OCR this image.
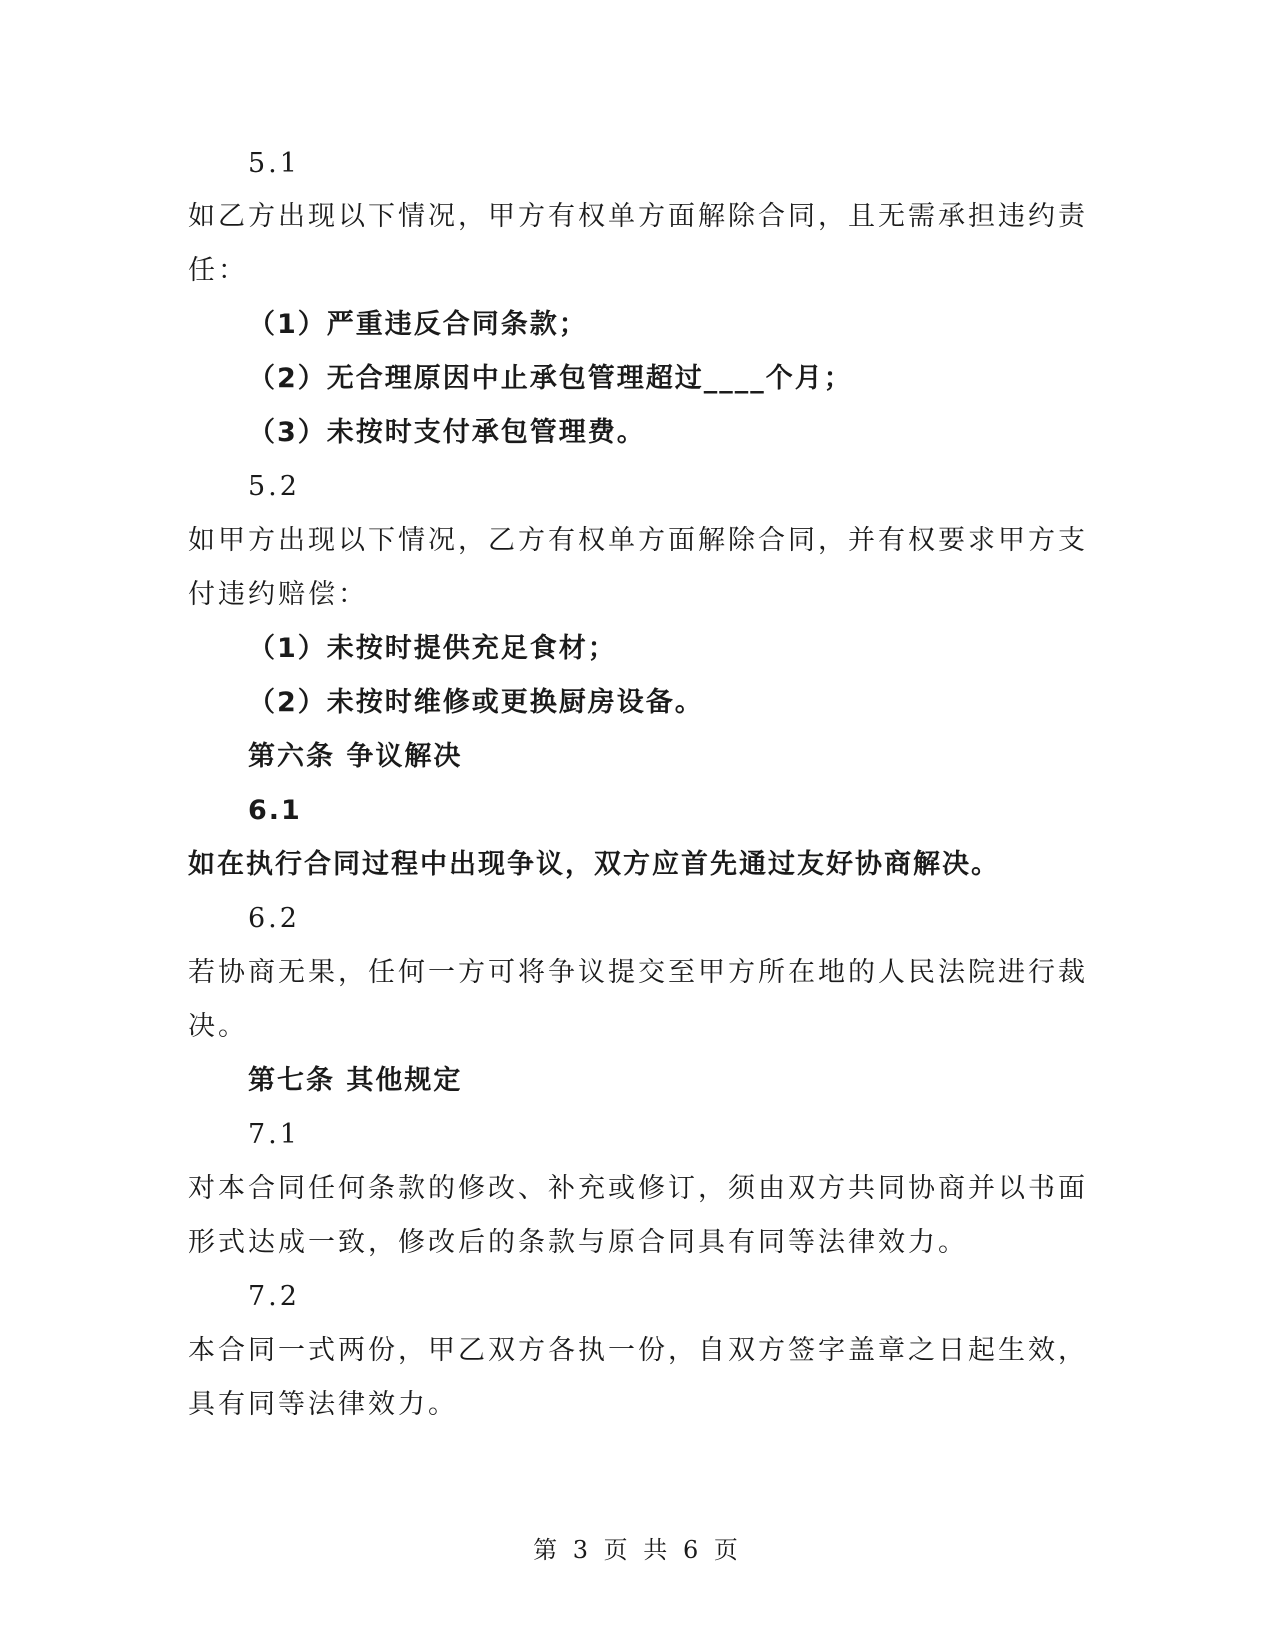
5.1
如乙方出现以下情况，甲方有权单方面解除合同，且无需承担违约责
任：
（1）严重违反合同条款；
（2）无合理原因中止承包管理超过____个月；
（3）未按时支付承包管理费。
5.2
如甲方出现以下情况，乙方有权单方面解除合同，并有权要求甲方支
付违约赔偿：
（1）未按时提供充足食材；
（2）未按时维修或更换厨房设备。
第六条 争议解决
6.1
如在执行合同过程中出现争议，双方应首先通过友好协商解决。
6.2
若协商无果，任何一方可将争议提交至甲方所在地的人民法院进行裁
决。
第七条 其他规定
7.1
对本合同任何条款的修改、补充或修订，须由双方共同协商并以书面
形式达成一致，修改后的条款与原合同具有同等法律效力。
7.2
本合同一式两份，甲乙双方各执一份，自双方签字盖章之日起生效，
具有同等法律效力。
第 3 页 共 6 页
